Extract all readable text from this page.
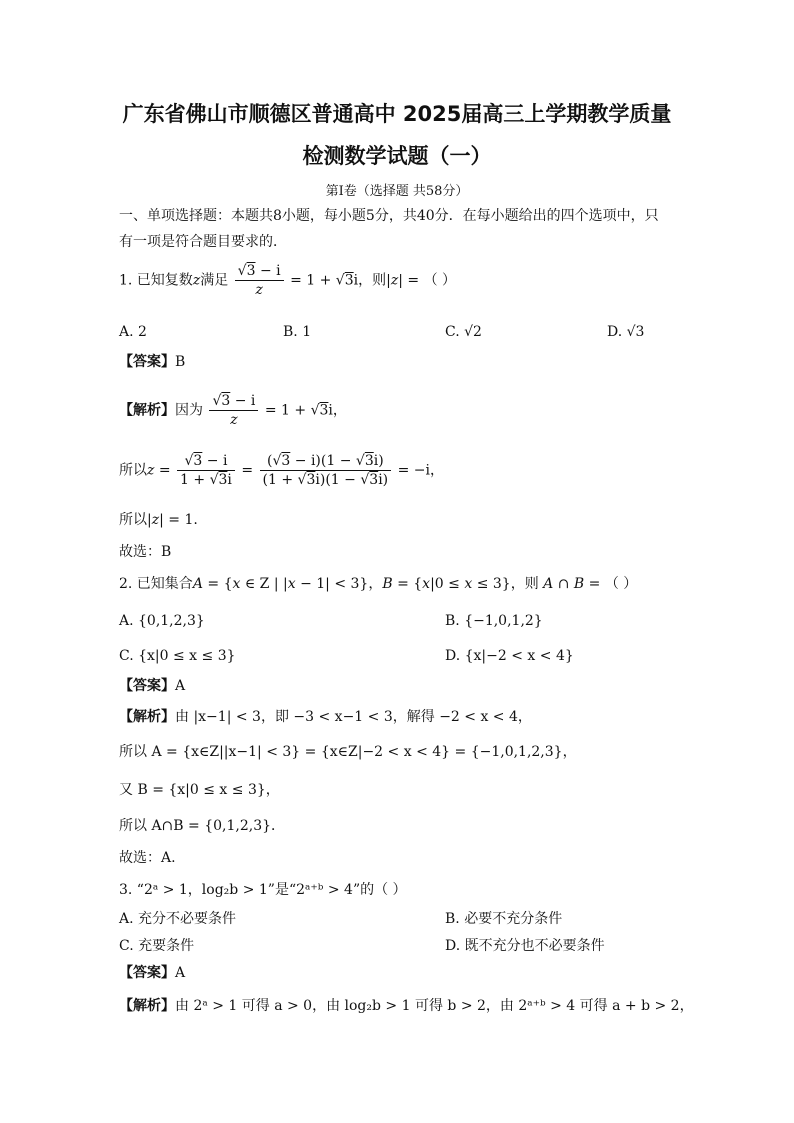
广东省佛山市顺德区普通高中 2025届高三上学期教学质量
检测数学试题（一）
第Ⅰ卷（选择题 共58分）
一、单项选择题：本题共8小题，每小题5分，共40分．在每小题给出的四个选项中，只
有一项是符合题目要求的．
1. 已知复数z满足 $\frac{√3 - i}{z} = 1 + √3i$，则|z| = （ ）
A. 2	B. 1	C. √2	D. √3
【答案】B
【解析】因为 $\frac{√3 - i}{z} = 1 + √3i$，
所以$z = \frac{√3 - i}{1 + √3i} = \frac{(√3 - i)(1 - √3i)}{(1 + √3i)(1 - √3i)} = -i$，
所以|z| = 1.
故选：B
2. 已知集合A = {x ∈ Z | |x − 1| < 3}，B = {x|0 ≤ x ≤ 3}，则 A ∩ B = （ ）
A. {0,1,2,3}	B. {−1,0,1,2}
C. {x|0 ≤ x ≤ 3}	D. {x|−2 < x < 4}
【答案】A
【解析】由 |x−1| < 3，即 −3 < x−1 < 3，解得 −2 < x < 4，
所以 A = {x∈Z||x−1| < 3} = {x∈Z|−2 < x < 4} = {−1,0,1,2,3}，
又 B = {x|0 ≤ x ≤ 3}，
所以 A∩B = {0,1,2,3}．
故选：A.
3. “2ᵃ > 1，log₂b > 1”是“2ᵃ⁺ᵇ > 4”的（ ）
A. 充分不必要条件	B. 必要不充分条件
C. 充要条件	D. 既不充分也不必要条件
【答案】A
【解析】由 2ᵃ > 1 可得 a > 0，由 log₂b > 1 可得 b > 2，由 2ᵃ⁺ᵇ > 4 可得 a + b > 2，
